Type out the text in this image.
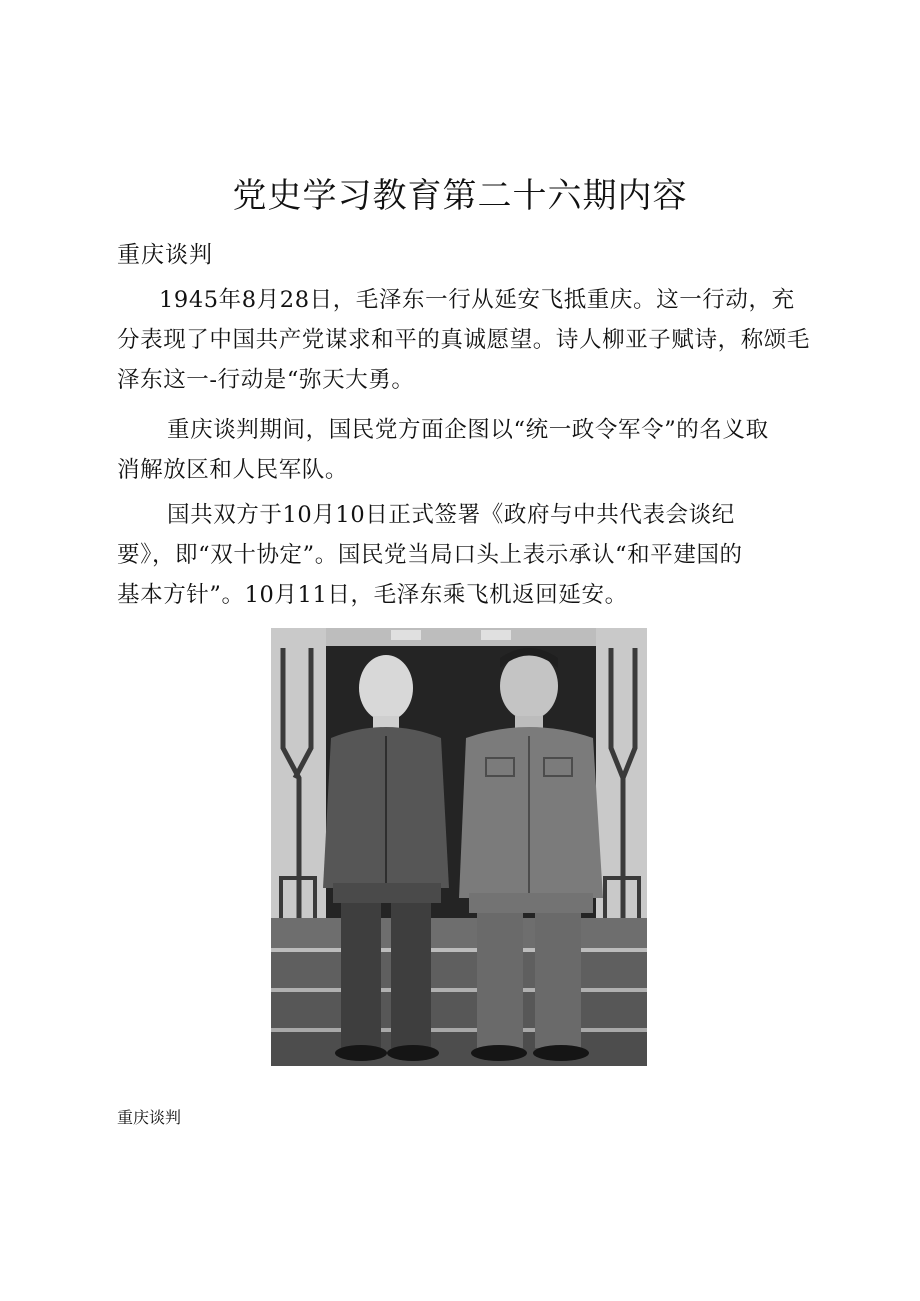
党史学习教育第二十六期内容
重庆谈判

1945年8月28日，毛泽东一行从延安飞抵重庆。这一行动，充
分表现了中国共产党谋求和平的真诚愿望。诗人柳亚子赋诗，称颂毛
泽东这一-行动是“弥天大勇。

重庆谈判期间，国民党方面企图以“统一政令军令”的名义取
消解放区和人民军队。

国共双方于10月10日正式签署《政府与中共代表会谈纪
要》，即“双十协定”。国民党当局口头上表示承认“和平建国的
基本方针”。10月11日，毛泽东乘飞机返回延安。

重庆谈判
